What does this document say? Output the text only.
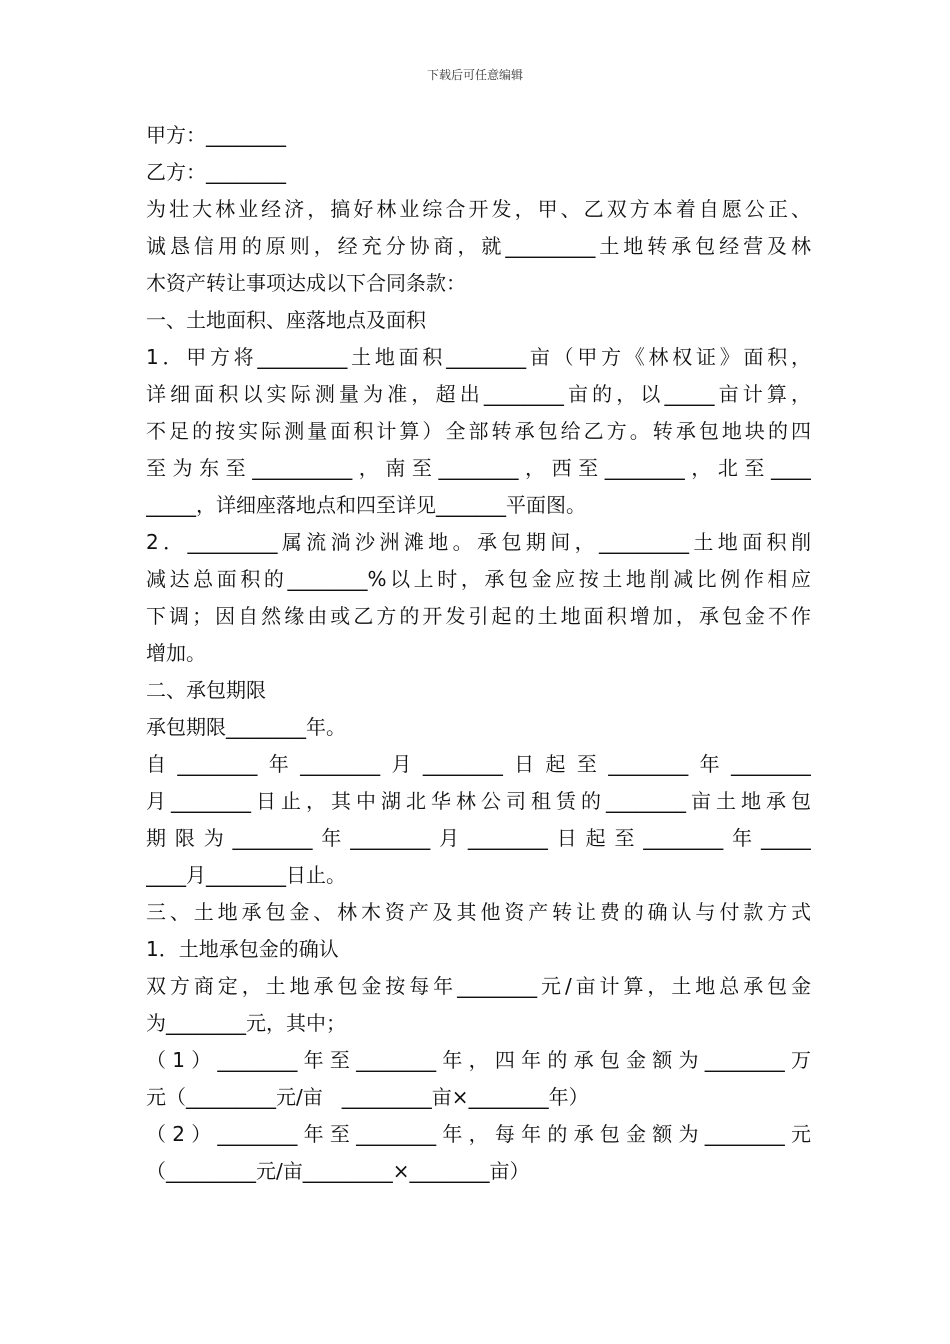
下载后可任意编辑
甲方：________
乙方：________
为壮大林业经济，搞好林业综合开发，甲、乙双方本着自愿公正、
诚恳信用的原则，经充分协商，就_________土地转承包经营及林
木资产转让事项达成以下合同条款：
一、土地面积、座落地点及面积
1．甲方将_________土地面积________亩（甲方《林权证》面积，
详细面积以实际测量为准，超出________亩的，以_____亩计算，
不足的按实际测量面积计算）全部转承包给乙方。转承包地块的四
至为东至__________，南至________，西至________，北至____
_____，详细座落地点和四至详见_______平面图。
2．_________属流淌沙洲滩地。承包期间，_________土地面积削
减达总面积的________%以上时，承包金应按土地削减比例作相应
下调；因自然缘由或乙方的开发引起的土地面积增加，承包金不作
增加。
二、承包期限
承包期限________年。
自________年________月________日起至________年________
月________日止，其中湖北华林公司租赁的________亩土地承包
期限为________年________月________日起至________年_____
____月________日止。
三、土地承包金、林木资产及其他资产转让费的确认与付款方式
1．土地承包金的确认
双方商定，土地承包金按每年________元/亩计算，土地总承包金
为________元，其中；
（1）________年至________年，四年的承包金额为________万
元（_________元/亩   _________亩×________年）
（2）________年至________年，每年的承包金额为________元
（_________元/亩_________×________亩）
